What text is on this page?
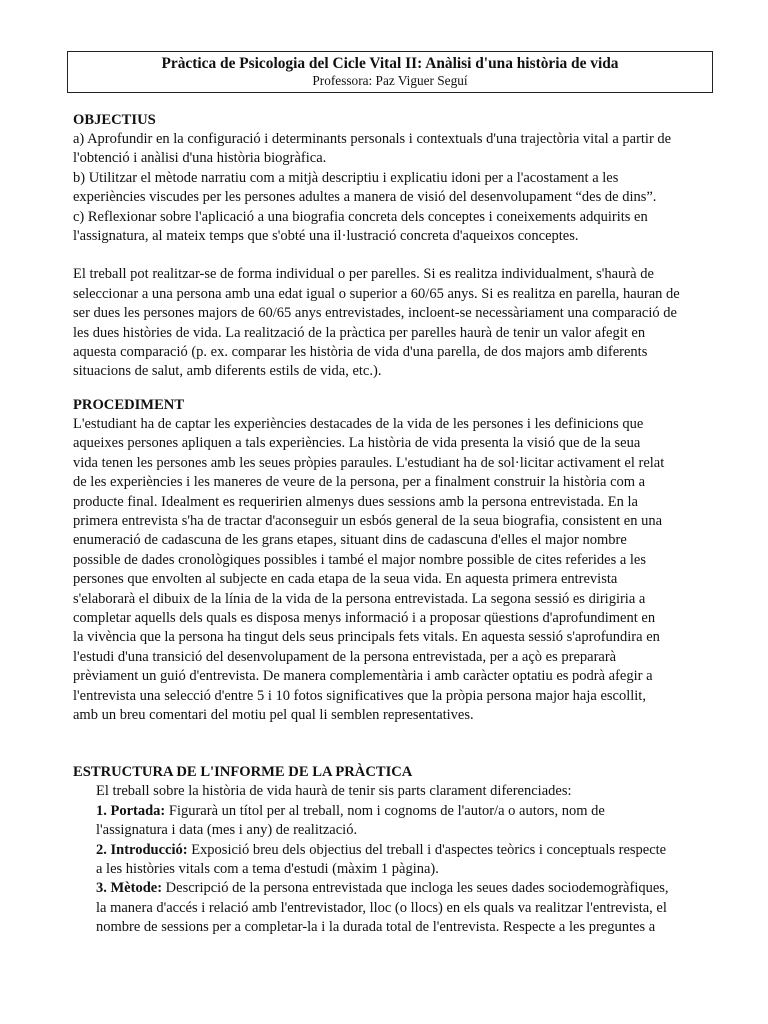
Pràctica de Psicologia del Cicle Vital II: Anàlisi d'una història de vida
Professora: Paz Viguer Seguí
OBJECTIUS

a) Aprofundir en la configuració i determinants personals i contextuals d'una trajectòria vital a partir de

l'obtenció i anàlisi d'una història biogràfica.

b) Utilitzar el mètode narratiu com a mitjà descriptiu i explicatiu idoni per a l'acostament a les

experiències viscudes per les persones adultes a manera de visió del desenvolupament “des de dins”.

c) Reflexionar sobre l'aplicació a una biografia concreta dels conceptes i coneixements adquirits en

l'assignatura, al mateix temps que s'obté una il·lustració concreta d'aqueixos conceptes.

El treball pot realitzar-se de forma individual o per parelles. Si es realitza individualment, s'haurà de

seleccionar a una persona amb una edat igual o superior a 60/65 anys. Si es realitza en parella, hauran de

ser dues les persones majors de 60/65 anys entrevistades, incloent-se necessàriament una comparació de

les dues històries de vida. La realització de la pràctica per parelles haurà de tenir un valor afegit en

aquesta comparació (p. ex. comparar les història de vida d'una parella, de dos majors amb diferents

situacions de salut, amb diferents estils de vida, etc.).

PROCEDIMENT

L'estudiant ha de captar les experiències destacades de la vida de les persones i les definicions que

aqueixes persones apliquen a tals experiències. La història de vida presenta la visió que de la seua

vida tenen les persones amb les seues pròpies paraules. L'estudiant ha de sol·licitar activament el relat

de les experiències i les maneres de veure de la persona, per a finalment construir la història com a

producte final. Idealment es requeririen almenys dues sessions amb la persona entrevistada. En la

primera entrevista s'ha de tractar d'aconseguir un esbós general de la seua biografia, consistent en una

enumeració de cadascuna de les grans etapes, situant dins de cadascuna d'elles el major nombre

possible de dades cronològiques possibles i també el major nombre possible de cites referides a les

persones que envolten al subjecte en cada etapa de la seua vida. En aquesta primera entrevista

s'elaborarà el dibuix de la línia de la vida de la persona entrevistada. La segona sessió es dirigiria a

completar aquells dels quals es disposa menys informació i a proposar qüestions d'aprofundiment en

la vivència que la persona ha tingut dels seus principals fets vitals. En aquesta sessió s'aprofundira en

l'estudi d'una transició del desenvolupament de la persona entrevistada, per a açò es prepararà

prèviament un guió d'entrevista. De manera complementària i amb caràcter optatiu es podrà afegir a

l'entrevista una selecció d'entre 5 i 10 fotos significatives que la pròpia persona major haja escollit,

amb un breu comentari del motiu pel qual li semblen representatives.

ESTRUCTURA DE L'INFORME DE LA PRÀCTICA

El treball sobre la història de vida haurà de tenir sis parts clarament diferenciades:

1. Portada: Figurarà un títol per al treball, nom i cognoms de l'autor/a o autors, nom de

l'assignatura i data (mes i any) de realització.

2. Introducció: Exposició breu dels objectius del treball i d'aspectes teòrics i conceptuals respecte

a les històries vitals com a tema d'estudi (màxim 1 pàgina).

3. Mètode: Descripció de la persona entrevistada que incloga les seues dades sociodemogràfiques,

la manera d'accés i relació amb l'entrevistador, lloc (o llocs) en els quals va realitzar l'entrevista, el

nombre de sessions per a completar-la i la durada total de l'entrevista. Respecte a les preguntes a
